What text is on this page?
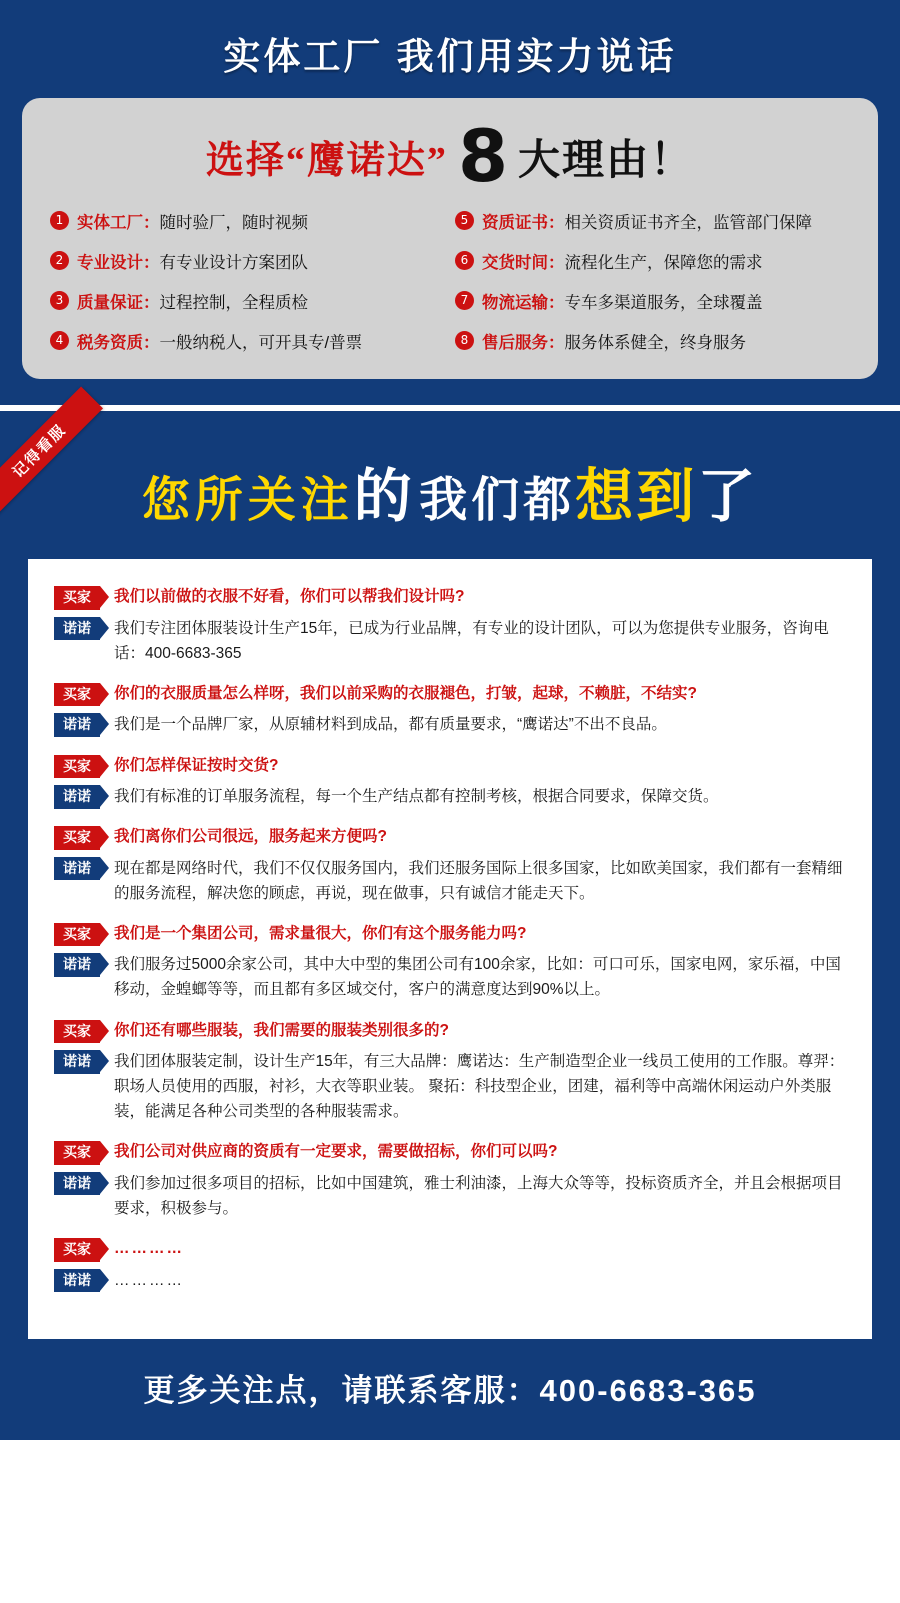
实体工厂 我们用实力说话
选择“鹰诺达” 8 大理由！
1 实体工厂：随时验厂，随时视频	5 资质证书：相关资质证书齐全，监管部门保障
2 专业设计：有专业设计方案团队	6 交货时间：流程化生产，保障您的需求
3 质量保证：过程控制，全程质检	7 物流运输：专车多渠道服务，全球覆盖
4 税务资质：一般纳税人，可开具专/普票	8 售后服务：服务体系健全，终身服务
记得看服
您所关注的 我们都想到了
买家	我们以前做的衣服不好看，你们可以帮我们设计吗?
诺诺	我们专注团体服装设计生产15年，已成为行业品牌，有专业的设计团队，可以为您提供专业服务，咨询电话：400-6683-365
买家	你们的衣服质量怎么样呀，我们以前采购的衣服褪色，打皱，起球，不赖脏，不结实?
诺诺	我们是一个品牌厂家，从原辅材料到成品，都有质量要求，“鹰诺达”不出不良品。
买家	你们怎样保证按时交货?
诺诺	我们有标准的订单服务流程，每一个生产结点都有控制考核，根据合同要求，保障交货。
买家	我们离你们公司很远，服务起来方便吗?
诺诺	现在都是网络时代，我们不仅仅服务国内，我们还服务国际上很多国家，比如欧美国家，我们都有一套精细的服务流程，解决您的顾虑，再说，现在做事，只有诚信才能走天下。
买家	我们是一个集团公司，需求量很大，你们有这个服务能力吗?
诺诺	我们服务过5000余家公司，其中大中型的集团公司有100余家，比如：可口可乐，国家电网，家乐福，中国移动，金蝗螂等等，而且都有多区域交付，客户的满意度达到90%以上。
买家	你们还有哪些服装，我们需要的服装类别很多的?
诺诺	我们团体服装定制，设计生产15年，有三大品牌：鹰诺达：生产制造型企业一线员工使用的工作服。尊羿：职场人员使用的西服，衬衫，大衣等职业装。 聚拓：科技型企业，团建，福利等中高端休闲运动户外类服装，能满足各种公司类型的各种服装需求。
买家	我们公司对供应商的资质有一定要求，需要做招标，你们可以吗?
诺诺	我们参加过很多项目的招标，比如中国建筑，雅士利油漆，上海大众等等，投标资质齐全，并且会根据项目要求，积极参与。
买家	…………
诺诺	…………
更多关注点，请联系客服：400-6683-365
